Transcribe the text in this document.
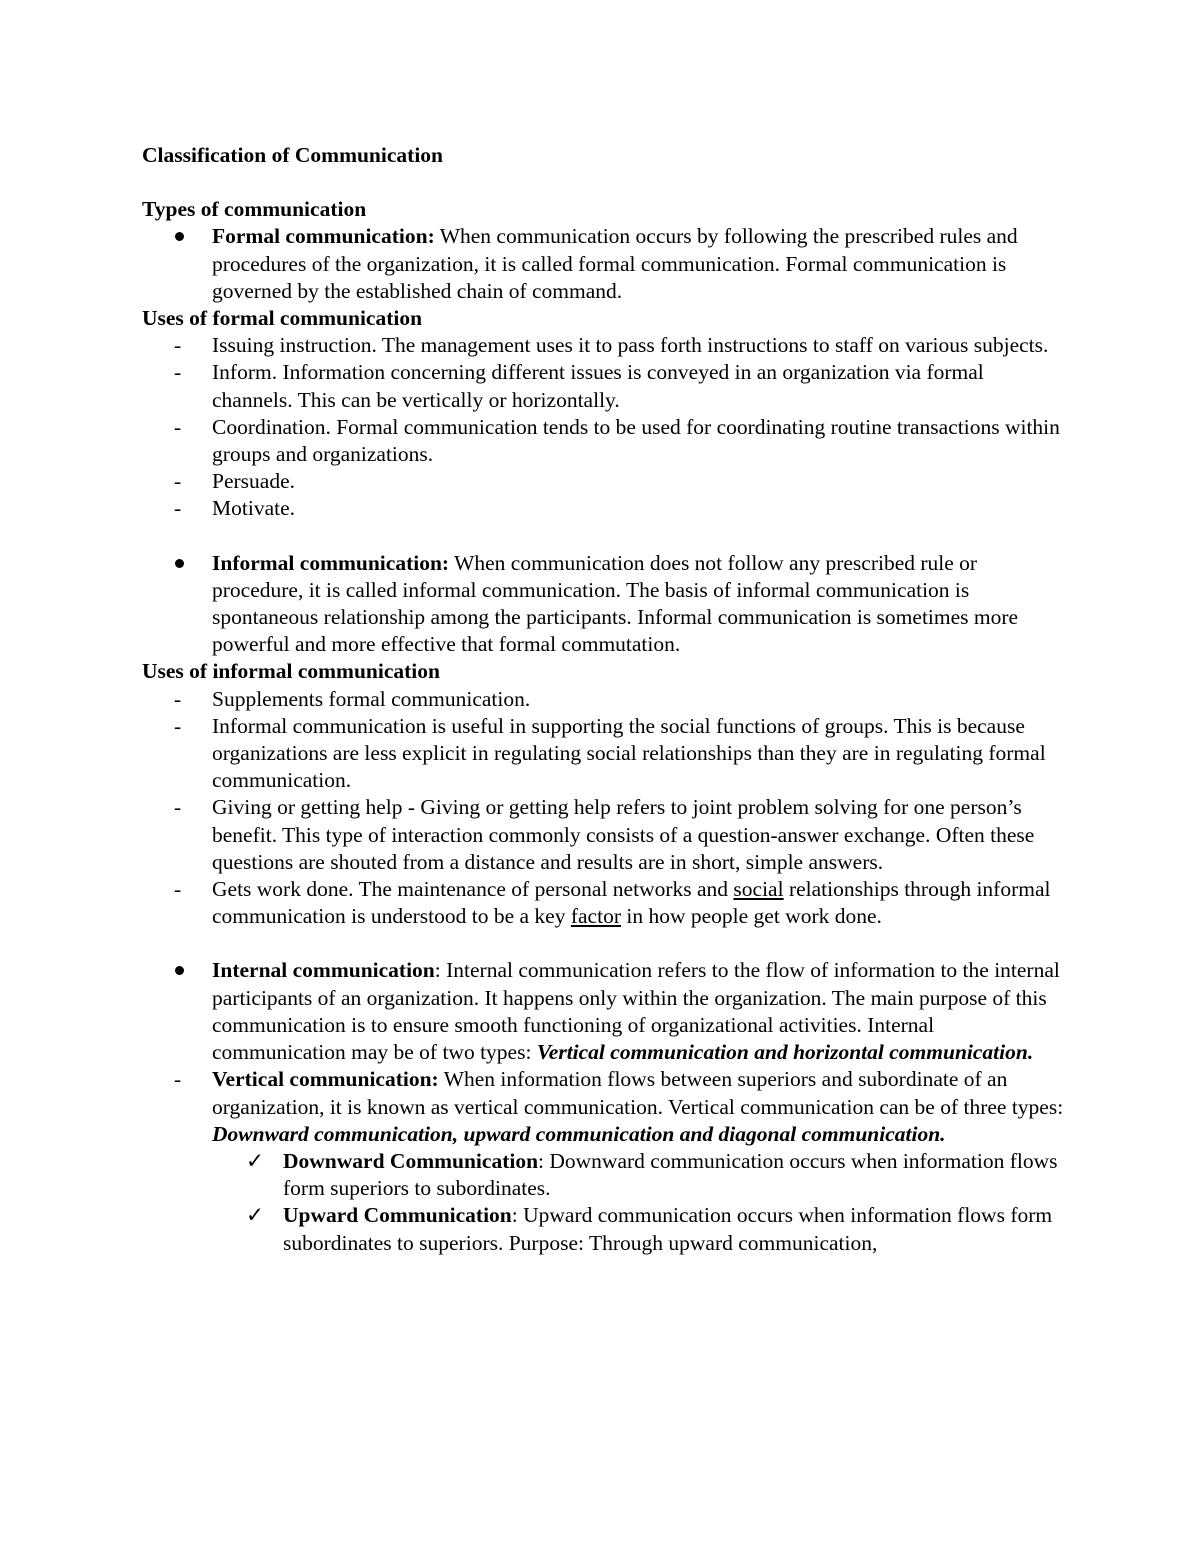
Classification of Communication
Types of communication
Formal communication: When communication occurs by following the prescribed rules and procedures of the organization, it is called formal communication. Formal communication is governed by the established chain of command.
Uses of formal communication
- Issuing instruction. The management uses it to pass forth instructions to staff on various subjects.
- Inform. Information concerning different issues is conveyed in an organization via formal channels. This can be vertically or horizontally.
- Coordination. Formal communication tends to be used for coordinating routine transactions within groups and organizations.
- Persuade.
- Motivate.
Informal communication: When communication does not follow any prescribed rule or procedure, it is called informal communication. The basis of informal communication is spontaneous relationship among the participants. Informal communication is sometimes more powerful and more effective that formal commutation.
Uses of informal communication
- Supplements formal communication.
- Informal communication is useful in supporting the social functions of groups. This is because organizations are less explicit in regulating social relationships than they are in regulating formal communication.
- Giving or getting help - Giving or getting help refers to joint problem solving for one person’s benefit. This type of interaction commonly consists of a question-answer exchange. Often these questions are shouted from a distance and results are in short, simple answers.
- Gets work done. The maintenance of personal networks and social relationships through informal communication is understood to be a key factor in how people get work done.
Internal communication: Internal communication refers to the flow of information to the internal participants of an organization. It happens only within the organization. The main purpose of this communication is to ensure smooth functioning of organizational activities. Internal communication may be of two types: Vertical communication and horizontal communication.
- Vertical communication: When information flows between superiors and subordinate of an organization, it is known as vertical communication. Vertical communication can be of three types: Downward communication, upward communication and diagonal communication.
✓ Downward Communication: Downward communication occurs when information flows form superiors to subordinates.
✓ Upward Communication: Upward communication occurs when information flows form subordinates to superiors. Purpose: Through upward communication,
